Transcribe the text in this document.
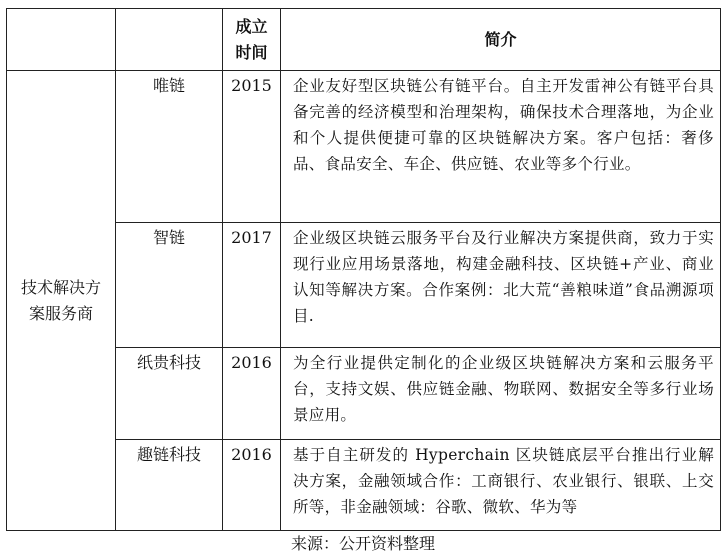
		成立时间	简介

技术解决方案服务商	唯链	2015	企业友好型区块链公有链平台。自主开发雷神公有链平台具备完善的经济模型和治理架构，确保技术合理落地，为企业和个人提供便捷可靠的区块链解决方案。客户包括：奢侈品、食品安全、车企、供应链、农业等多个行业。
	智链	2017	企业级区块链云服务平台及行业解决方案提供商，致力于实现行业应用场景落地，构建金融科技、区块链+产业、商业认知等解决方案。合作案例：北大荒“善粮味道”食品溯源项目.
	纸贵科技	2016	为全行业提供定制化的企业级区块链解决方案和云服务平台，支持文娱、供应链金融、物联网、数据安全等多行业场景应用。
	趣链科技	2016	基于自主研发的 Hyperchain 区块链底层平台推出行业解决方案，金融领域合作：工商银行、农业银行、银联、上交所等，非金融领域：谷歌、微软、华为等
来源：公开资料整理
